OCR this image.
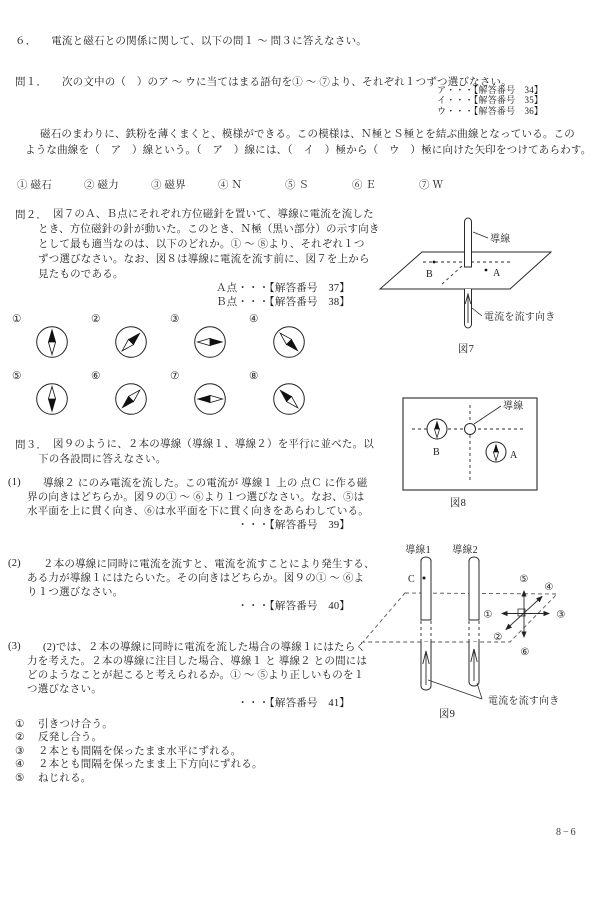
６． 電流と磁石との関係に関して、以下の問１ ～ 問３に答えなさい。
問１． 次の文中の（　）のア ～ ウに当てはまる語句を① ～ ⑦より、それぞれ１つずつ選びなさい。
ア・・・【解答番号　34】
イ・・・【解答番号　35】
ウ・・・【解答番号　36】
磁石のまわりに、鉄粉を薄くまくと、模様ができる。この模様は、Ｎ極とＳ極とを結ぶ曲線となっている。この
ような曲線を（　ア　）線という。（　ア　）線には、（　イ　）極から（　ウ　）極に向けた矢印をつけてあらわす。
① 磁石	② 磁力	③ 磁界	④ Ｎ	⑤ Ｓ	⑥ Ｅ	⑦ Ｗ
問２． 図７のＡ、Ｂ点にそれぞれ方位磁針を置いて、導線に電流を流した
とき、方位磁針の針が動いた。このとき、Ｎ極（黒い部分）の示す向き
として最も適当なのは、以下のどれか。① ～ ⑧より、それぞれ１つ
ずつ選びなさい。なお、図８は導線に電流を流す前に、図７を上から
見たものである。
Ａ点・・・【解答番号　37】
Ｂ点・・・【解答番号　38】
①	②	③	④
⑤	⑥	⑦	⑧
問３． 図９のように、２本の導線（導線１、導線２）を平行に並べた。以
下の各設問に答えなさい。
(1)	導線２ にのみ電流を流した。この電流が 導線１ 上の 点Ｃ に作る磁
界の向きはどちらか。図９の① ～ ⑥より１つ選びなさい。なお、⑤は
水平面を上に貫く向き、⑥は水平面を下に貫く向きをあらわしている。
・・・【解答番号　39】
(2)	２本の導線に同時に電流を流すと、電流を流すことにより発生する、
ある力が導線１にはたらいた。その向きはどちらか。図９の① ～ ⑥よ
り１つ選びなさい。
・・・【解答番号　40】
(3)	(2)では、２本の導線に同時に電流を流した場合の導線１にはたらく
力を考えた。２本の導線に注目した場合、導線１ と 導線２ との間には
どのようなことが起こると考えられるか。① ～ ⑤より正しいものを１
つ選びなさい。
・・・【解答番号　41】
① 引きつけ合う。
② 反発し合う。
③ ２本とも間隔を保ったまま水平にずれる。
④ ２本とも間隔を保ったまま上下方向にずれる。
⑤ ねじれる。
B	A
導線
電流を流す向き
図7
導線
B	A
図8
導線1 導線2
C
①
②
③
④
⑤
⑥
電流を流す向き
図9
8−6
